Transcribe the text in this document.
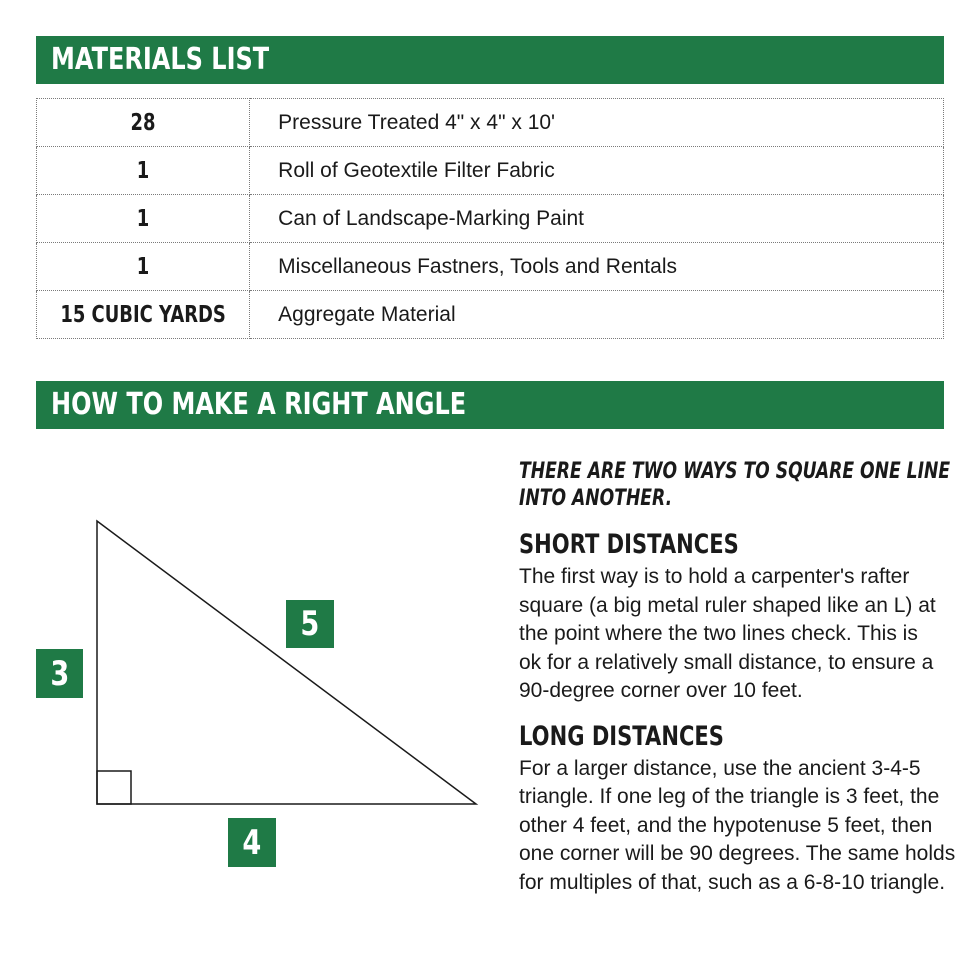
MATERIALS LIST
28	Pressure Treated 4" x 4" x 10'
1	Roll of Geotextile Filter Fabric
1	Can of Landscape-Marking Paint
1	Miscellaneous Fastners, Tools and Rentals
15 CUBIC YARDS	Aggregate Material
HOW TO MAKE A RIGHT ANGLE
3
5
4

THERE ARE TWO WAYS TO SQUARE ONE LINE INTO ANOTHER.

SHORT DISTANCES

The first way is to hold a carpenter's rafter square (a big metal ruler shaped like an L) at the point where the two lines check. This is ok for a relatively small distance, to ensure a 90-degree corner over 10 feet.

LONG DISTANCES

For a larger distance, use the ancient 3-4-5 triangle. If one leg of the triangle is 3 feet, the other 4 feet, and the hypotenuse 5 feet, then one corner will be 90 degrees. The same holds for multiples of that, such as a 6-8-10 triangle.
